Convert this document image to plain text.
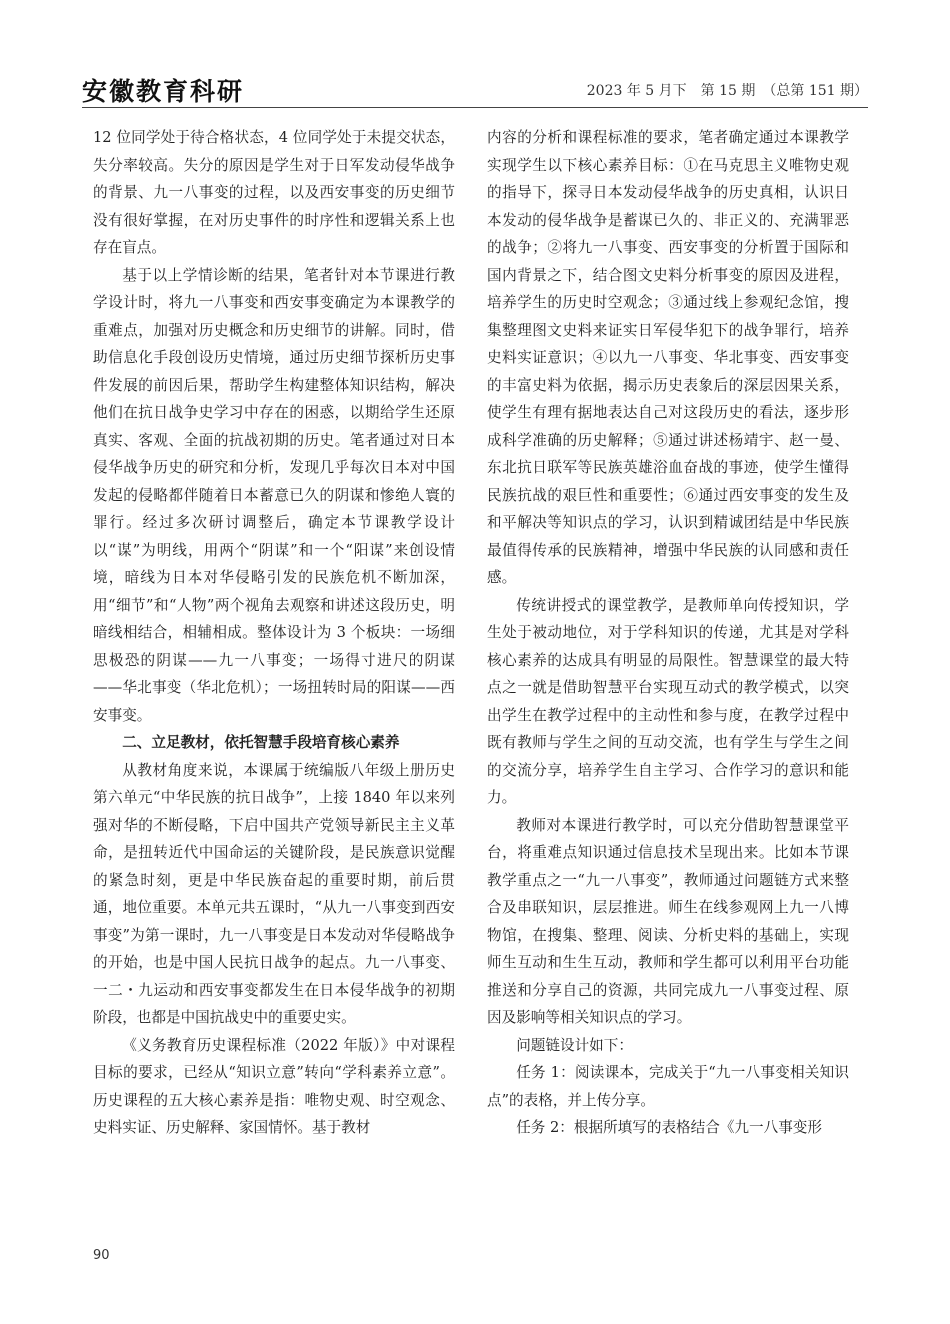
安徽教育科研	2023 年 5 月下　第 15 期　（总第 151 期）

12 位同学处于待合格状态，4 位同学处于未提交状态，失分率较高。失分的原因是学生对于日军发动侵华战争的背景、九一八事变的过程，以及西安事变的历史细节没有很好掌握，在对历史事件的时序性和逻辑关系上也存在盲点。

基于以上学情诊断的结果，笔者针对本节课进行教学设计时，将九一八事变和西安事变确定为本课教学的重难点，加强对历史概念和历史细节的讲解。同时，借助信息化手段创设历史情境，通过历史细节探析历史事件发展的前因后果，帮助学生构建整体知识结构，解决他们在抗日战争史学习中存在的困惑，以期给学生还原真实、客观、全面的抗战初期的历史。笔者通过对日本侵华战争历史的研究和分析，发现几乎每次日本对中国发起的侵略都伴随着日本蓄意已久的阴谋和惨绝人寰的罪行。经过多次研讨调整后，确定本节课教学设计以“谋”为明线，用两个“阴谋”和一个“阳谋”来创设情境，暗线为日本对华侵略引发的民族危机不断加深，用“细节”和“人物”两个视角去观察和讲述这段历史，明暗线相结合，相辅相成。整体设计为 3 个板块：一场细思极恐的阴谋——九一八事变；一场得寸进尺的阴谋——华北事变（华北危机）；一场扭转时局的阳谋——西安事变。

二、立足教材，依托智慧手段培育核心素养

从教材角度来说，本课属于统编版八年级上册历史第六单元“中华民族的抗日战争”，上接 1840 年以来列强对华的不断侵略，下启中国共产党领导新民主主义革命，是扭转近代中国命运的关键阶段，是民族意识觉醒的紧急时刻，更是中华民族奋起的重要时期，前后贯通，地位重要。本单元共五课时，“从九一八事变到西安事变”为第一课时，九一八事变是日本发动对华侵略战争的开始，也是中国人民抗日战争的起点。九一八事变、一二・九运动和西安事变都发生在日本侵华战争的初期阶段，也都是中国抗战史中的重要史实。

《义务教育历史课程标准（2022 年版）》中对课程目标的要求，已经从“知识立意”转向“学科素养立意”。历史课程的五大核心素养是指：唯物史观、时空观念、史料实证、历史解释、家国情怀。基于教材

内容的分析和课程标准的要求，笔者确定通过本课教学实现学生以下核心素养目标：①在马克思主义唯物史观的指导下，探寻日本发动侵华战争的历史真相，认识日本发动的侵华战争是蓄谋已久的、非正义的、充满罪恶的战争；②将九一八事变、西安事变的分析置于国际和国内背景之下，结合图文史料分析事变的原因及进程，培养学生的历史时空观念；③通过线上参观纪念馆，搜集整理图文史料来证实日军侵华犯下的战争罪行，培养史料实证意识；④以九一八事变、华北事变、西安事变的丰富史料为依据，揭示历史表象后的深层因果关系，使学生有理有据地表达自己对这段历史的看法，逐步形成科学准确的历史解释；⑤通过讲述杨靖宇、赵一曼、东北抗日联军等民族英雄浴血奋战的事迹，使学生懂得民族抗战的艰巨性和重要性；⑥通过西安事变的发生及和平解决等知识点的学习，认识到精诚团结是中华民族最值得传承的民族精神，增强中华民族的认同感和责任感。

传统讲授式的课堂教学，是教师单向传授知识，学生处于被动地位，对于学科知识的传递，尤其是对学科核心素养的达成具有明显的局限性。智慧课堂的最大特点之一就是借助智慧平台实现互动式的教学模式，以突出学生在教学过程中的主动性和参与度，在教学过程中既有教师与学生之间的互动交流，也有学生与学生之间的交流分享，培养学生自主学习、合作学习的意识和能力。

教师对本课进行教学时，可以充分借助智慧课堂平台，将重难点知识通过信息技术呈现出来。比如本节课教学重点之一“九一八事变”，教师通过问题链方式来整合及串联知识，层层推进。师生在线参观网上九一八博物馆，在搜集、整理、阅读、分析史料的基础上，实现师生互动和生生互动，教师和学生都可以利用平台功能推送和分享自己的资源，共同完成九一八事变过程、原因及影响等相关知识点的学习。

问题链设计如下：

任务 1：阅读课本，完成关于“九一八事变相关知识点”的表格，并上传分享。

任务 2：根据所填写的表格结合《九一八事变形

90
